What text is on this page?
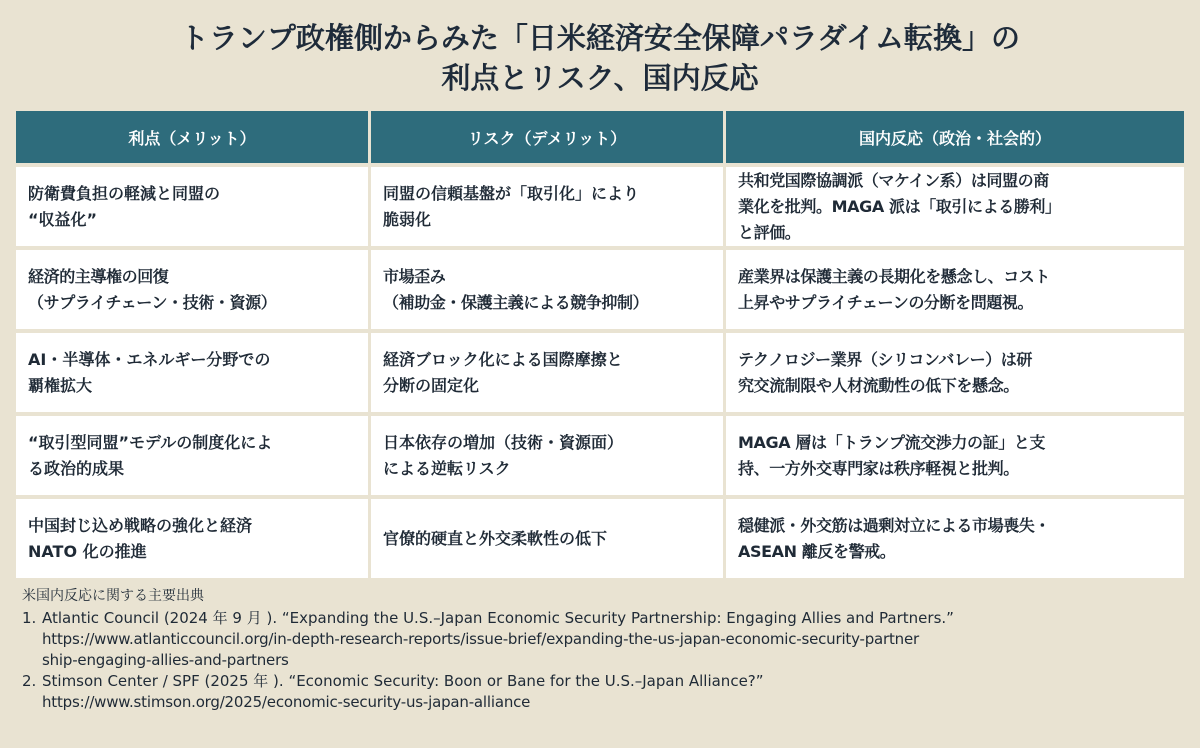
トランプ政権側からみた「日米経済安全保障パラダイム転換」の
利点とリスク、国内反応
利点（メリット）	リスク（デメリット）	国内反応（政治・社会的）
防衛費負担の軽減と同盟の
“収益化”
同盟の信頼基盤が「取引化」により
脆弱化
共和党国際協調派（マケイン系）は同盟の商
業化を批判。MAGA 派は「取引による勝利」
と評価。
経済的主導権の回復
（サプライチェーン・技術・資源）
市場歪み
（補助金・保護主義による競争抑制）
産業界は保護主義の長期化を懸念し、コスト
上昇やサプライチェーンの分断を問題視。
AI・半導体・エネルギー分野での
覇権拡大
経済ブロック化による国際摩擦と
分断の固定化
テクノロジー業界（シリコンバレー）は研
究交流制限や人材流動性の低下を懸念。
“取引型同盟”モデルの制度化によ
る政治的成果
日本依存の増加（技術・資源面）
による逆転リスク
MAGA 層は「トランプ流交渉力の証」と支
持、一方外交専門家は秩序軽視と批判。
中国封じ込め戦略の強化と経済
NATO 化の推進
官僚的硬直と外交柔軟性の低下
穏健派・外交筋は過剰対立による市場喪失・
ASEAN 離反を警戒。
米国内反応に関する主要出典
1. Atlantic Council (2024 年 9 月 ). “Expanding the U.S.–Japan Economic Security Partnership: Engaging Allies and Partners.”
https://www.atlanticcouncil.org/in-depth-research-reports/issue-brief/expanding-the-us-japan-economic-security-partner
ship-engaging-allies-and-partners
2. Stimson Center / SPF (2025 年 ). “Economic Security: Boon or Bane for the U.S.–Japan Alliance?”
https://www.stimson.org/2025/economic-security-us-japan-alliance
